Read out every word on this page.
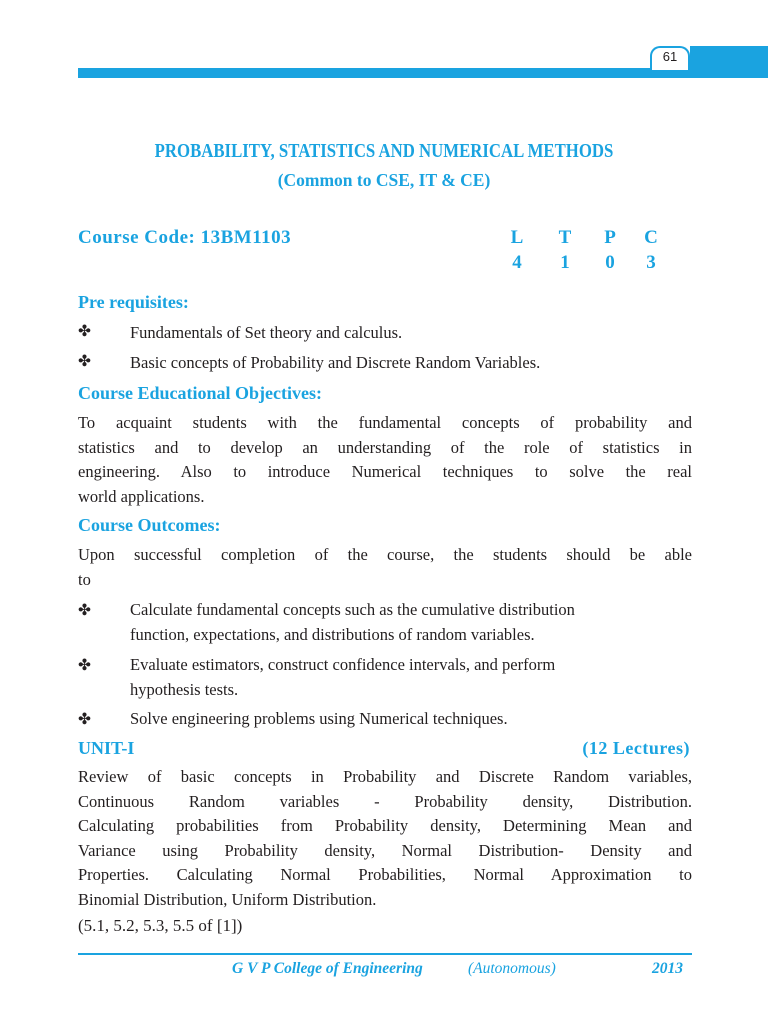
61
PROBABILITY, STATISTICS AND NUMERICAL METHODS
(Common to CSE, IT & CE)
Course Code: 13BM1103	L	T	P	C
4	1	0	3
Pre requisites:
✤ Fundamentals of Set theory and calculus.
✤ Basic concepts of Probability and Discrete Random Variables.
Course Educational Objectives:
To acquaint students with the fundamental concepts of probability and
statistics and to develop an understanding of the role of statistics in
engineering. Also to introduce Numerical techniques to solve the real
world applications.
Course Outcomes:
Upon successful completion of the course, the students should be able
to
✤ Calculate fundamental concepts such as the cumulative distribution
function, expectations, and distributions of random variables.
✤ Evaluate estimators, construct confidence intervals, and perform
hypothesis tests.
✤ Solve engineering problems using Numerical techniques.
UNIT-I	(12 Lectures)
Review of basic concepts in Probability and Discrete Random variables,
Continuous Random variables - Probability density, Distribution.
Calculating probabilities from Probability density, Determining Mean and
Variance using Probability density, Normal Distribution- Density and
Properties. Calculating Normal Probabilities, Normal Approximation to
Binomial Distribution, Uniform Distribution.
(5.1, 5.2, 5.3, 5.5 of [1])
G V P College of Engineering	(Autonomous)	2013
